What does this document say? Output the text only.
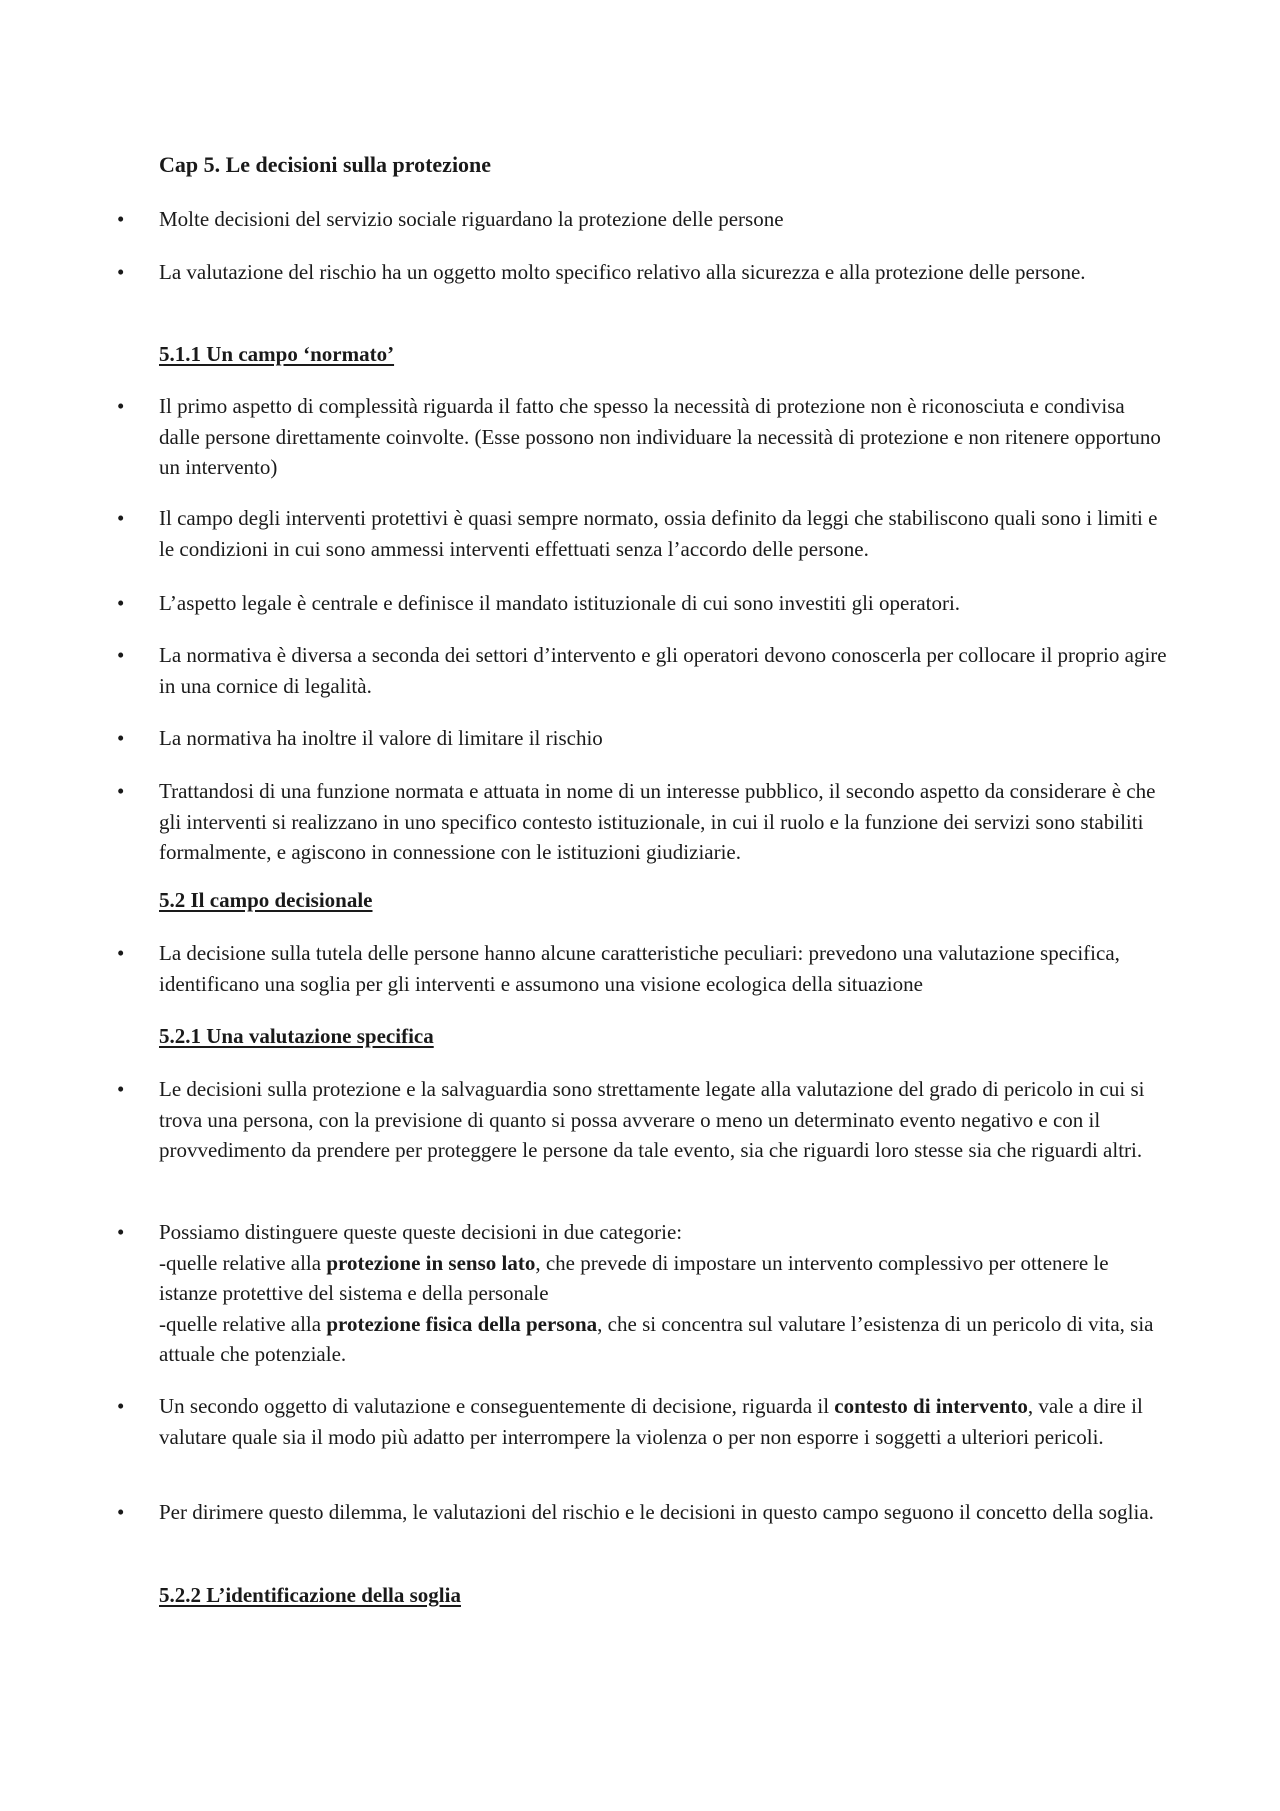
Cap 5. Le decisioni sulla protezione

•	Molte decisioni del servizio sociale riguardano la protezione delle persone

•	La valutazione del rischio ha un oggetto molto specifico relativo alla sicurezza e alla protezione delle persone.

5.1.1 Un campo ‘normato’

•	Il primo aspetto di complessità riguarda il fatto che spesso la necessità di protezione non è riconosciuta e condivisa dalle persone direttamente coinvolte. (Esse possono non individuare la necessità di protezione e non ritenere opportuno un intervento)

•	Il campo degli interventi protettivi è quasi sempre normato, ossia definito da leggi che stabiliscono quali sono i limiti e le condizioni in cui sono ammessi interventi effettuati senza l’accordo delle persone.

•	L’aspetto legale è centrale e definisce il mandato istituzionale di cui sono investiti gli operatori.

•	La normativa è diversa a seconda dei settori d’intervento e gli operatori devono conoscerla per collocare il proprio agire in una cornice di legalità.

•	La normativa ha inoltre il valore di limitare il rischio

•	Trattandosi di una funzione normata e attuata in nome di un interesse pubblico, il secondo aspetto da considerare è che gli interventi si realizzano in uno specifico contesto istituzionale, in cui il ruolo e la funzione dei servizi sono stabiliti formalmente, e agiscono in connessione con le istituzioni giudiziarie.

5.2 Il campo decisionale

•	La decisione sulla tutela delle persone hanno alcune caratteristiche peculiari: prevedono una valutazione specifica, identificano una soglia per gli interventi e assumono una visione ecologica della situazione

5.2.1 Una valutazione specifica

•	Le decisioni sulla protezione e la salvaguardia sono strettamente legate alla valutazione del grado di pericolo in cui si trova una persona, con la previsione di quanto si possa avverare o meno un determinato evento negativo e con il provvedimento da prendere per proteggere le persone da tale evento, sia che riguardi loro stesse sia che riguardi altri.

•	Possiamo distinguere queste queste decisioni in due categorie:
-quelle relative alla protezione in senso lato, che prevede di impostare un intervento complessivo per ottenere le istanze protettive del sistema e della personale
-quelle relative alla protezione fisica della persona, che si concentra sul valutare l’esistenza di un pericolo di vita, sia attuale che potenziale.

•	Un secondo oggetto di valutazione e conseguentemente di decisione, riguarda il contesto di intervento, vale a dire il valutare quale sia il modo più adatto per interrompere la violenza o per non esporre i soggetti a ulteriori pericoli.

•	Per dirimere questo dilemma, le valutazioni del rischio e le decisioni in questo campo seguono il concetto della soglia.

5.2.2 L’identificazione della soglia
